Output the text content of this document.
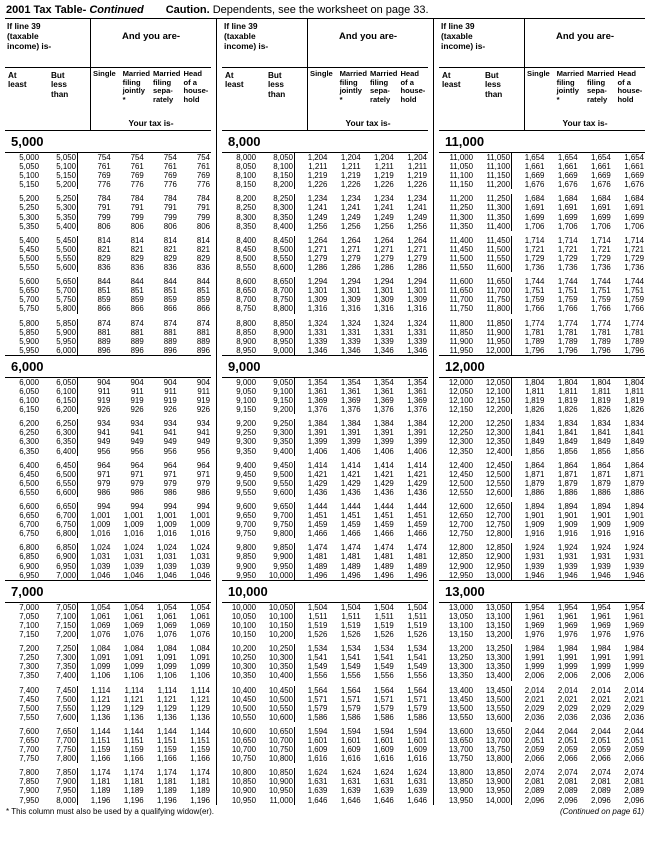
2001 Tax Table- Continued Caution. Dependents, see the worksheet on page 33.
If line 39
(taxable
income) is-
And you are-
At
least
But
less
than
Single Married
filing
jointly
*
Married
filing
sepa-
rately
Head
of a
house-
hold
Your tax is-
5,000
5,000	5,050	754	754	754	754
5,050	5,100	761	761	761	761
5,100	5,150	769	769	769	769
5,150	5,200	776	776	776	776

5,200	5,250	784	784	784	784
5,250	5,300	791	791	791	791
5,300	5,350	799	799	799	799
5,350	5,400	806	806	806	806

5,400	5,450	814	814	814	814
5,450	5,500	821	821	821	821
5,500	5,550	829	829	829	829
5,550	5,600	836	836	836	836

5,600	5,650	844	844	844	844
5,650	5,700	851	851	851	851
5,700	5,750	859	859	859	859
5,750	5,800	866	866	866	866

5,800	5,850	874	874	874	874
5,850	5,900	881	881	881	881
5,900	5,950	889	889	889	889
5,950	6,000	896	896	896	896
6,000
6,000	6,050	904	904	904	904
6,050	6,100	911	911	911	911
6,100	6,150	919	919	919	919
6,150	6,200	926	926	926	926

6,200	6,250	934	934	934	934
6,250	6,300	941	941	941	941
6,300	6,350	949	949	949	949
6,350	6,400	956	956	956	956

6,400	6,450	964	964	964	964
6,450	6,500	971	971	971	971
6,500	6,550	979	979	979	979
6,550	6,600	986	986	986	986

6,600	6,650	994	994	994	994
6,650	6,700	1,001	1,001	1,001	1,001
6,700	6,750	1,009	1,009	1,009	1,009
6,750	6,800	1,016	1,016	1,016	1,016

6,800	6,850	1,024	1,024	1,024	1,024
6,850	6,900	1,031	1,031	1,031	1,031
6,900	6,950	1,039	1,039	1,039	1,039
6,950	7,000	1,046	1,046	1,046	1,046
7,000
7,000	7,050	1,054	1,054	1,054	1,054
7,050	7,100	1,061	1,061	1,061	1,061
7,100	7,150	1,069	1,069	1,069	1,069
7,150	7,200	1,076	1,076	1,076	1,076

7,200	7,250	1,084	1,084	1,084	1,084
7,250	7,300	1,091	1,091	1,091	1,091
7,300	7,350	1,099	1,099	1,099	1,099
7,350	7,400	1,106	1,106	1,106	1,106

7,400	7,450	1,114	1,114	1,114	1,114
7,450	7,500	1,121	1,121	1,121	1,121
7,500	7,550	1,129	1,129	1,129	1,129
7,550	7,600	1,136	1,136	1,136	1,136

7,600	7,650	1,144	1,144	1,144	1,144
7,650	7,700	1,151	1,151	1,151	1,151
7,700	7,750	1,159	1,159	1,159	1,159
7,750	7,800	1,166	1,166	1,166	1,166

7,800	7,850	1,174	1,174	1,174	1,174
7,850	7,900	1,181	1,181	1,181	1,181
7,900	7,950	1,189	1,189	1,189	1,189
7,950	8,000	1,196	1,196	1,196	1,196
If line 39
(taxable
income) is-
And you are-
At
least
But
less
than
Single Married
filing
jointly
*
Married
filing
sepa-
rately
Head
of a
house-
hold
Your tax is-
8,000
8,000	8,050	1,204	1,204	1,204	1,204
8,050	8,100	1,211	1,211	1,211	1,211
8,100	8,150	1,219	1,219	1,219	1,219
8,150	8,200	1,226	1,226	1,226	1,226

8,200	8,250	1,234	1,234	1,234	1,234
8,250	8,300	1,241	1,241	1,241	1,241
8,300	8,350	1,249	1,249	1,249	1,249
8,350	8,400	1,256	1,256	1,256	1,256

8,400	8,450	1,264	1,264	1,264	1,264
8,450	8,500	1,271	1,271	1,271	1,271
8,500	8,550	1,279	1,279	1,279	1,279
8,550	8,600	1,286	1,286	1,286	1,286

8,600	8,650	1,294	1,294	1,294	1,294
8,650	8,700	1,301	1,301	1,301	1,301
8,700	8,750	1,309	1,309	1,309	1,309
8,750	8,800	1,316	1,316	1,316	1,316

8,800	8,850	1,324	1,324	1,324	1,324
8,850	8,900	1,331	1,331	1,331	1,331
8,900	8,950	1,339	1,339	1,339	1,339
8,950	9,000	1,346	1,346	1,346	1,346
9,000
9,000	9,050	1,354	1,354	1,354	1,354
9,050	9,100	1,361	1,361	1,361	1,361
9,100	9,150	1,369	1,369	1,369	1,369
9,150	9,200	1,376	1,376	1,376	1,376

9,200	9,250	1,384	1,384	1,384	1,384
9,250	9,300	1,391	1,391	1,391	1,391
9,300	9,350	1,399	1,399	1,399	1,399
9,350	9,400	1,406	1,406	1,406	1,406

9,400	9,450	1,414	1,414	1,414	1,414
9,450	9,500	1,421	1,421	1,421	1,421
9,500	9,550	1,429	1,429	1,429	1,429
9,550	9,600	1,436	1,436	1,436	1,436

9,600	9,650	1,444	1,444	1,444	1,444
9,650	9,700	1,451	1,451	1,451	1,451
9,700	9,750	1,459	1,459	1,459	1,459
9,750	9,800	1,466	1,466	1,466	1,466

9,800	9,850	1,474	1,474	1,474	1,474
9,850	9,900	1,481	1,481	1,481	1,481
9,900	9,950	1,489	1,489	1,489	1,489
9,950	10,000	1,496	1,496	1,496	1,496
10,000
10,000	10,050	1,504	1,504	1,504	1,504
10,050	10,100	1,511	1,511	1,511	1,511
10,100	10,150	1,519	1,519	1,519	1,519
10,150	10,200	1,526	1,526	1,526	1,526

10,200	10,250	1,534	1,534	1,534	1,534
10,250	10,300	1,541	1,541	1,541	1,541
10,300	10,350	1,549	1,549	1,549	1,549
10,350	10,400	1,556	1,556	1,556	1,556

10,400	10,450	1,564	1,564	1,564	1,564
10,450	10,500	1,571	1,571	1,571	1,571
10,500	10,550	1,579	1,579	1,579	1,579
10,550	10,600	1,586	1,586	1,586	1,586

10,600	10,650	1,594	1,594	1,594	1,594
10,650	10,700	1,601	1,601	1,601	1,601
10,700	10,750	1,609	1,609	1,609	1,609
10,750	10,800	1,616	1,616	1,616	1,616

10,800	10,850	1,624	1,624	1,624	1,624
10,850	10,900	1,631	1,631	1,631	1,631
10,900	10,950	1,639	1,639	1,639	1,639
10,950	11,000	1,646	1,646	1,646	1,646
If line 39
(taxable
income) is-
And you are-
At
least
But
less
than
Single Married
filing
jointly
*
Married
filing
sepa-
rately
Head
of a
house-
hold
Your tax is-
11,000
11,000	11,050	1,654	1,654	1,654	1,654
11,050	11,100	1,661	1,661	1,661	1,661
11,100	11,150	1,669	1,669	1,669	1,669
11,150	11,200	1,676	1,676	1,676	1,676

11,200	11,250	1,684	1,684	1,684	1,684
11,250	11,300	1,691	1,691	1,691	1,691
11,300	11,350	1,699	1,699	1,699	1,699
11,350	11,400	1,706	1,706	1,706	1,706

11,400	11,450	1,714	1,714	1,714	1,714
11,450	11,500	1,721	1,721	1,721	1,721
11,500	11,550	1,729	1,729	1,729	1,729
11,550	11,600	1,736	1,736	1,736	1,736

11,600	11,650	1,744	1,744	1,744	1,744
11,650	11,700	1,751	1,751	1,751	1,751
11,700	11,750	1,759	1,759	1,759	1,759
11,750	11,800	1,766	1,766	1,766	1,766

11,800	11,850	1,774	1,774	1,774	1,774
11,850	11,900	1,781	1,781	1,781	1,781
11,900	11,950	1,789	1,789	1,789	1,789
11,950	12,000	1,796	1,796	1,796	1,796
12,000
12,000	12,050	1,804	1,804	1,804	1,804
12,050	12,100	1,811	1,811	1,811	1,811
12,100	12,150	1,819	1,819	1,819	1,819
12,150	12,200	1,826	1,826	1,826	1,826

12,200	12,250	1,834	1,834	1,834	1,834
12,250	12,300	1,841	1,841	1,841	1,841
12,300	12,350	1,849	1,849	1,849	1,849
12,350	12,400	1,856	1,856	1,856	1,856

12,400	12,450	1,864	1,864	1,864	1,864
12,450	12,500	1,871	1,871	1,871	1,871
12,500	12,550	1,879	1,879	1,879	1,879
12,550	12,600	1,886	1,886	1,886	1,886

12,600	12,650	1,894	1,894	1,894	1,894
12,650	12,700	1,901	1,901	1,901	1,901
12,700	12,750	1,909	1,909	1,909	1,909
12,750	12,800	1,916	1,916	1,916	1,916

12,800	12,850	1,924	1,924	1,924	1,924
12,850	12,900	1,931	1,931	1,931	1,931
12,900	12,950	1,939	1,939	1,939	1,939
12,950	13,000	1,946	1,946	1,946	1,946
13,000
13,000	13,050	1,954	1,954	1,954	1,954
13,050	13,100	1,961	1,961	1,961	1,961
13,100	13,150	1,969	1,969	1,969	1,969
13,150	13,200	1,976	1,976	1,976	1,976

13,200	13,250	1,984	1,984	1,984	1,984
13,250	13,300	1,991	1,991	1,991	1,991
13,300	13,350	1,999	1,999	1,999	1,999
13,350	13,400	2,006	2,006	2,006	2,006

13,400	13,450	2,014	2,014	2,014	2,014
13,450	13,500	2,021	2,021	2,021	2,021
13,500	13,550	2,029	2,029	2,029	2,029
13,550	13,600	2,036	2,036	2,036	2,036

13,600	13,650	2,044	2,044	2,044	2,044
13,650	13,700	2,051	2,051	2,051	2,051
13,700	13,750	2,059	2,059	2,059	2,059
13,750	13,800	2,066	2,066	2,066	2,066

13,800	13,850	2,074	2,074	2,074	2,074
13,850	13,900	2,081	2,081	2,081	2,081
13,900	13,950	2,089	2,089	2,089	2,089
13,950	14,000	2,096	2,096	2,096	2,096
* This column must also be used by a qualifying widow(er).	(Continued on page 61)
